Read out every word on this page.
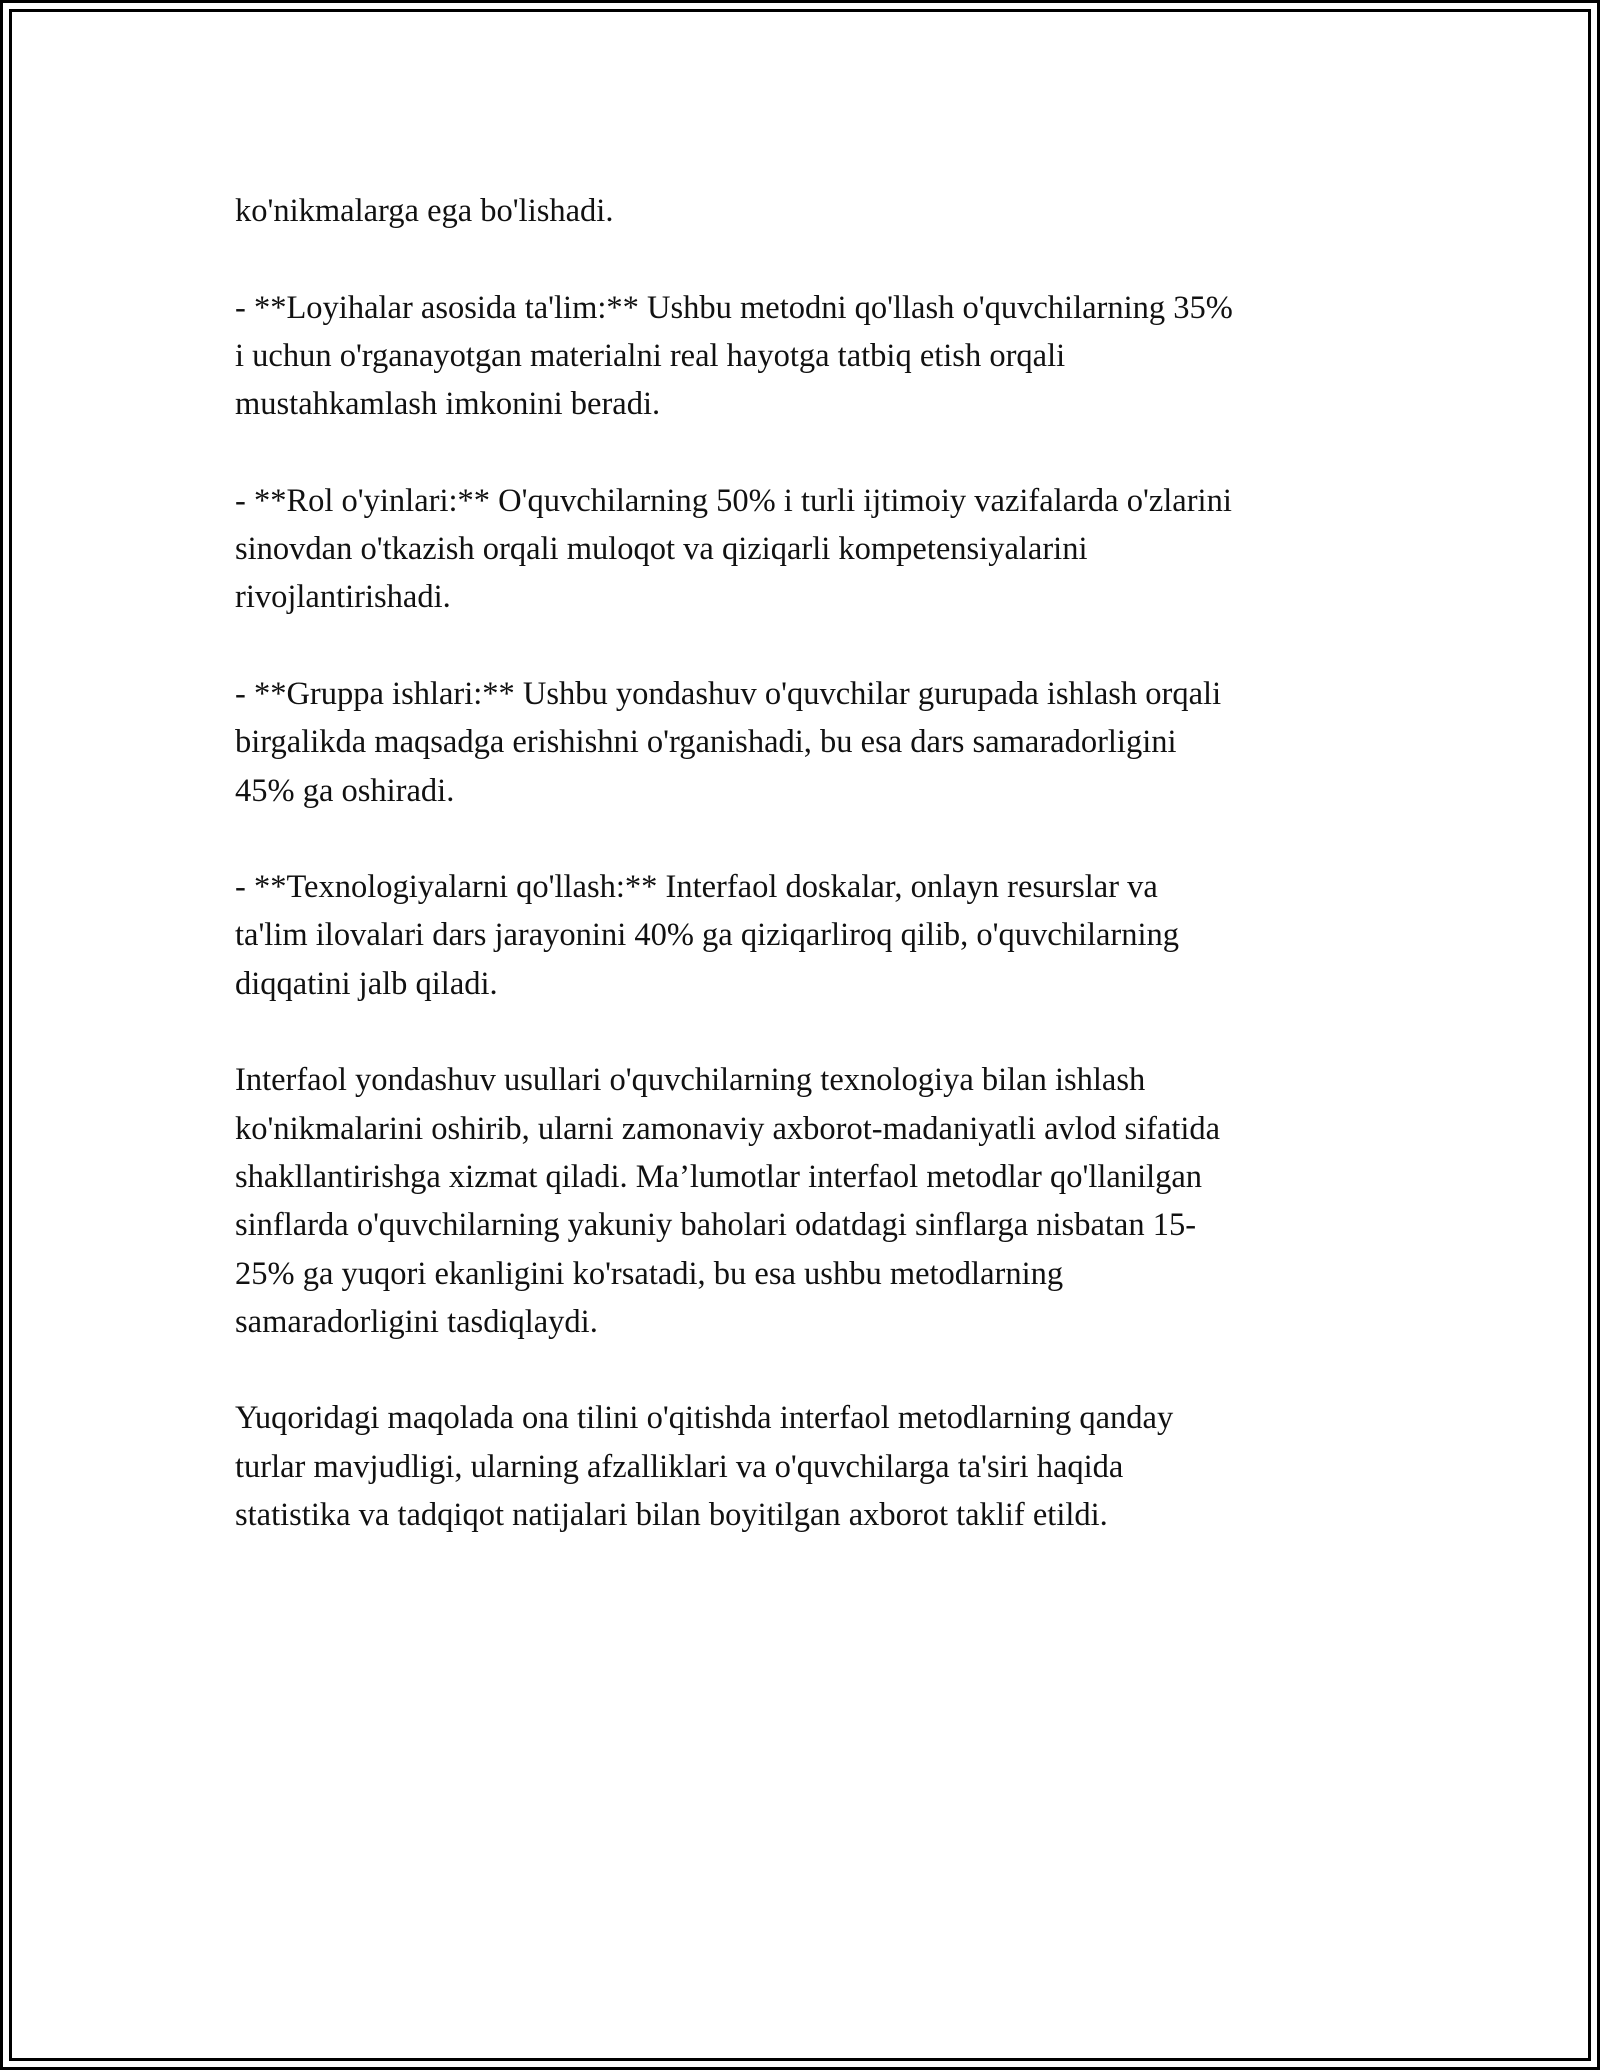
ko'nikmalarga ega bo'lishadi.

- **Loyihalar asosida ta'lim:** Ushbu metodni qo'llash o'quvchilarning 35%
i uchun o'rganayotgan materialni real hayotga tatbiq etish orqali
mustahkamlash imkonini beradi.

- **Rol o'yinlari:** O'quvchilarning 50% i turli ijtimoiy vazifalarda o'zlarini
sinovdan o'tkazish orqali muloqot va qiziqarli kompetensiyalarini
rivojlantirishadi.

- **Gruppa ishlari:** Ushbu yondashuv o'quvchilar gurupada ishlash orqali
birgalikda maqsadga erishishni o'rganishadi, bu esa dars samaradorligini
45% ga oshiradi.

- **Texnologiyalarni qo'llash:** Interfaol doskalar, onlayn resurslar va
ta'lim ilovalari dars jarayonini 40% ga qiziqarliroq qilib, o'quvchilarning
diqqatini jalb qiladi.

Interfaol yondashuv usullari o'quvchilarning texnologiya bilan ishlash
ko'nikmalarini oshirib, ularni zamonaviy axborot-madaniyatli avlod sifatida
shakllantirishga xizmat qiladi. Ma’lumotlar interfaol metodlar qo'llanilgan
sinflarda o'quvchilarning yakuniy baholari odatdagi sinflarga nisbatan 15-
25% ga yuqori ekanligini ko'rsatadi, bu esa ushbu metodlarning
samaradorligini tasdiqlaydi.

Yuqoridagi maqolada ona tilini o'qitishda interfaol metodlarning qanday
turlar mavjudligi, ularning afzalliklari va o'quvchilarga ta'siri haqida
statistika va tadqiqot natijalari bilan boyitilgan axborot taklif etildi.
